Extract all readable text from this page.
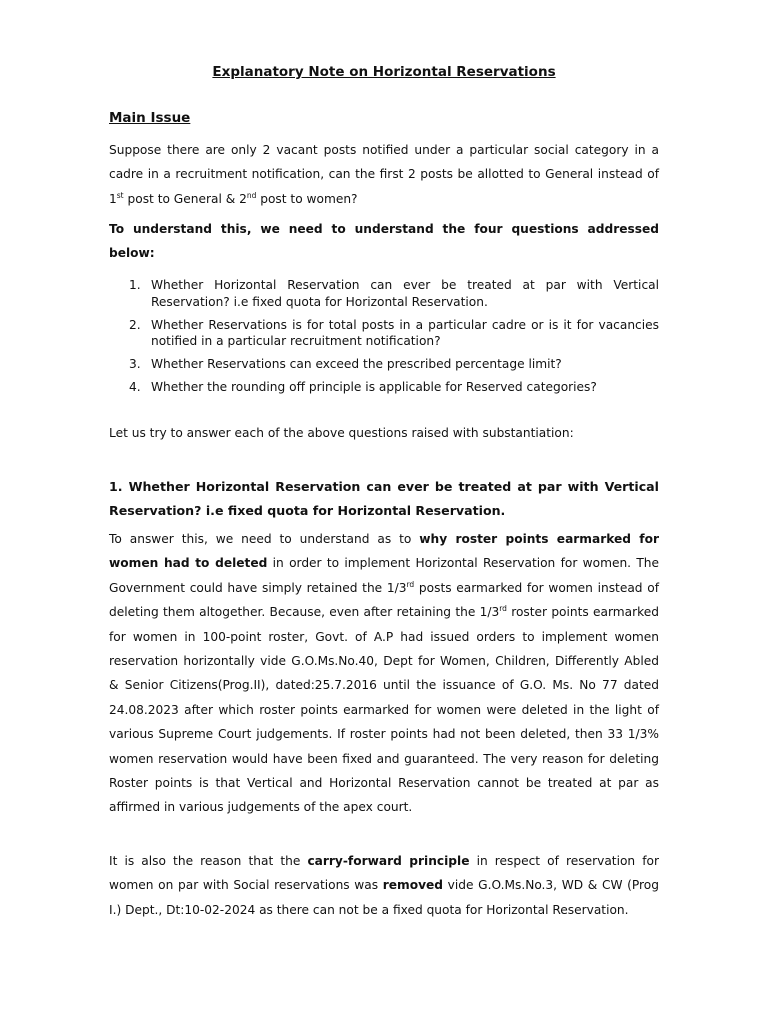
Explanatory Note on Horizontal Reservations
Main Issue

Suppose there are only 2 vacant posts notified under a particular social category in a cadre in a recruitment notification, can the first 2 posts be allotted to General instead of 1st post to General & 2nd post to women?

To understand this, we need to understand the four questions addressed below:

1. Whether Horizontal Reservation can ever be treated at par with Vertical Reservation? i.e fixed quota for Horizontal Reservation.
2. Whether Reservations is for total posts in a particular cadre or is it for vacancies notified in a particular recruitment notification?
3. Whether Reservations can exceed the prescribed percentage limit?
4. Whether the rounding off principle is applicable for Reserved categories?

Let us try to answer each of the above questions raised with substantiation:

1. Whether Horizontal Reservation can ever be treated at par with Vertical Reservation? i.e fixed quota for Horizontal Reservation.

To answer this, we need to understand as to why roster points earmarked for women had to deleted in order to implement Horizontal Reservation for women. The Government could have simply retained the 1/3rd posts earmarked for women instead of deleting them altogether. Because, even after retaining the 1/3rd roster points earmarked for women in 100-point roster, Govt. of A.P had issued orders to implement women reservation horizontally vide G.O.Ms.No.40, Dept for Women, Children, Differently Abled & Senior Citizens(Prog.II), dated:25.7.2016 until the issuance of G.O. Ms. No 77 dated 24.08.2023 after which roster points earmarked for women were deleted in the light of various Supreme Court judgements. If roster points had not been deleted, then 33 1/3% women reservation would have been fixed and guaranteed. The very reason for deleting Roster points is that Vertical and Horizontal Reservation cannot be treated at par as affirmed in various judgements of the apex court.

It is also the reason that the carry-forward principle in respect of reservation for women on par with Social reservations was removed vide G.O.Ms.No.3, WD & CW (Prog I.) Dept., Dt:10-02-2024 as there can not be a fixed quota for Horizontal Reservation.
